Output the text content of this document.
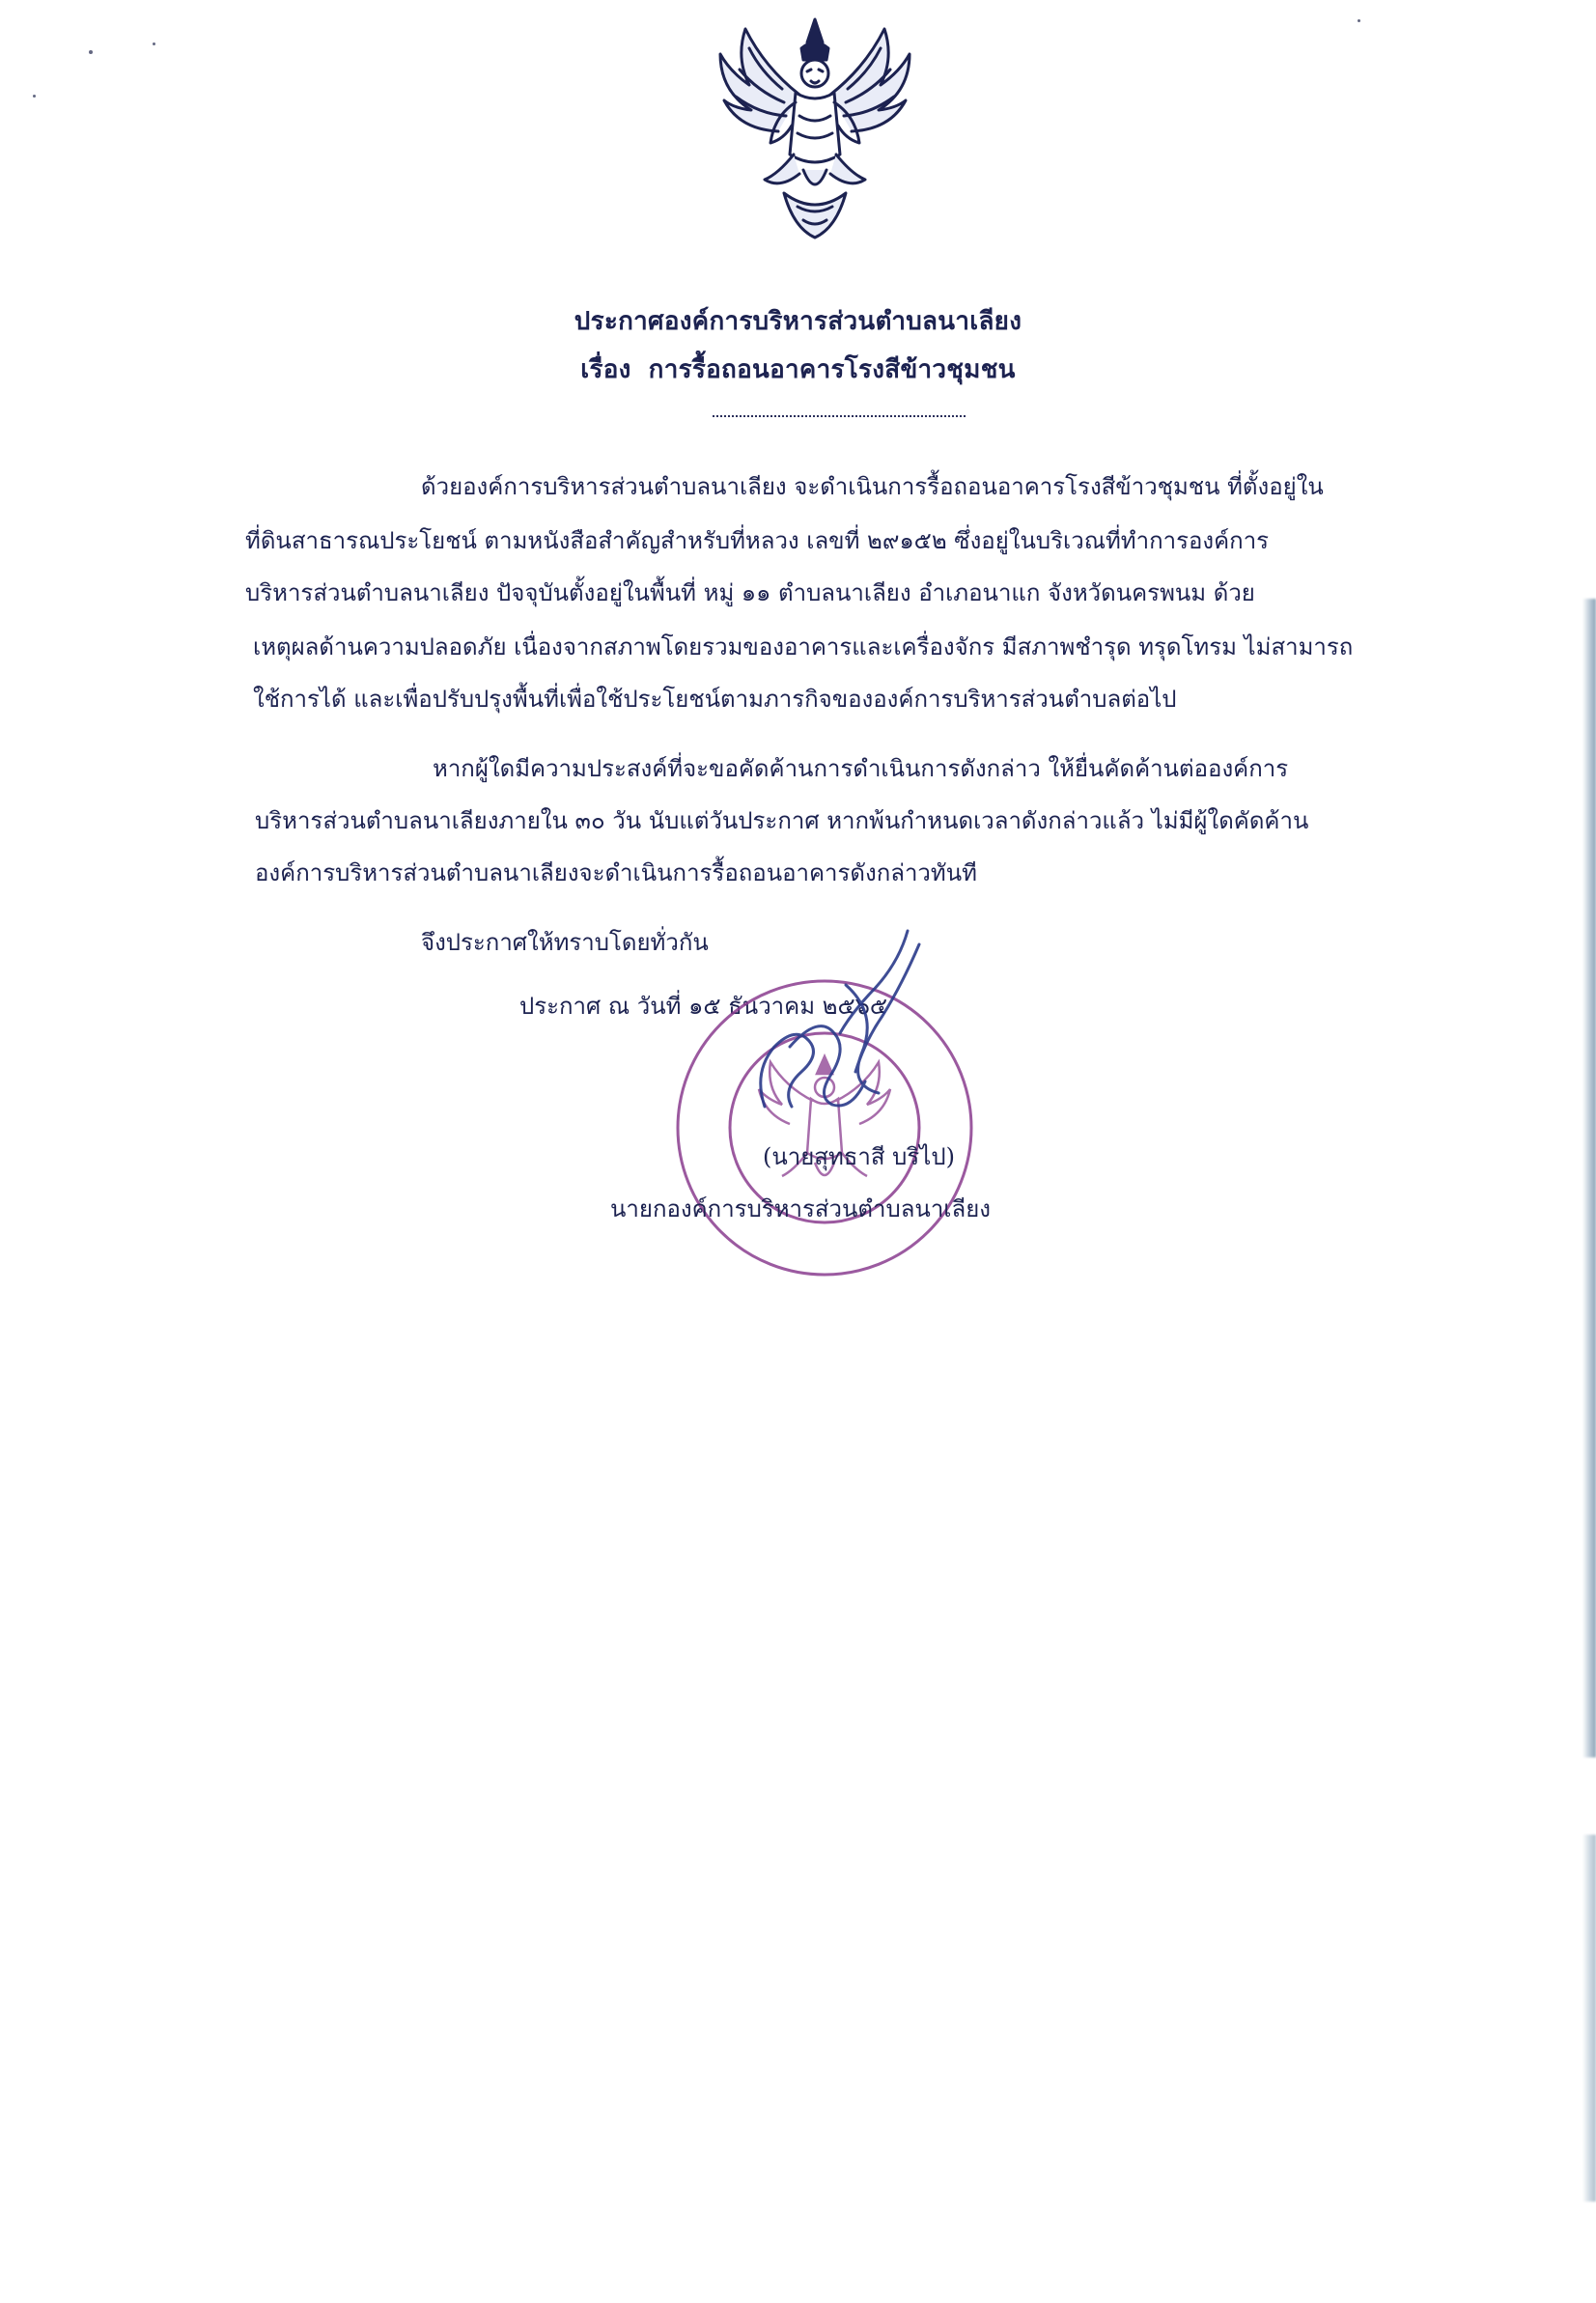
ประกาศองค์การบริหารส่วนตำบลนาเลียง
เรื่อง การรื้อถอนอาคารโรงสีข้าวชุมชน
ด้วยองค์การบริหารส่วนตำบลนาเลียง จะดำเนินการรื้อถอนอาคารโรงสีข้าวชุมชน ที่ตั้งอยู่ใน
ที่ดินสาธารณประโยชน์ ตามหนังสือสำคัญสำหรับที่หลวง เลขที่ ๒๙๑๕๒ ซึ่งอยู่ในบริเวณที่ทำการองค์การ
บริหารส่วนตำบลนาเลียง ปัจจุบันตั้งอยู่ในพื้นที่ หมู่ ๑๑ ตำบลนาเลียง อำเภอนาแก จังหวัดนครพนม ด้วย
เหตุผลด้านความปลอดภัย เนื่องจากสภาพโดยรวมของอาคารและเครื่องจักร มีสภาพชำรุด ทรุดโทรม ไม่สามารถ
ใช้การได้ และเพื่อปรับปรุงพื้นที่เพื่อใช้ประโยชน์ตามภารกิจขององค์การบริหารส่วนตำบลต่อไป
หากผู้ใดมีความประสงค์ที่จะขอคัดค้านการดำเนินการดังกล่าว ให้ยื่นคัดค้านต่อองค์การ
บริหารส่วนตำบลนาเลียงภายใน ๓๐ วัน นับแต่วันประกาศ หากพ้นกำหนดเวลาดังกล่าวแล้ว ไม่มีผู้ใดคัดค้าน
องค์การบริหารส่วนตำบลนาเลียงจะดำเนินการรื้อถอนอาคารดังกล่าวทันที
จึงประกาศให้ทราบโดยทั่วกัน
ประกาศ ณ วันที่ ๑๕ ธันวาคม ๒๕๖๕
(นายสุทธาสี บริไป)
นายกองค์การบริหารส่วนตำบลนาเลียง
